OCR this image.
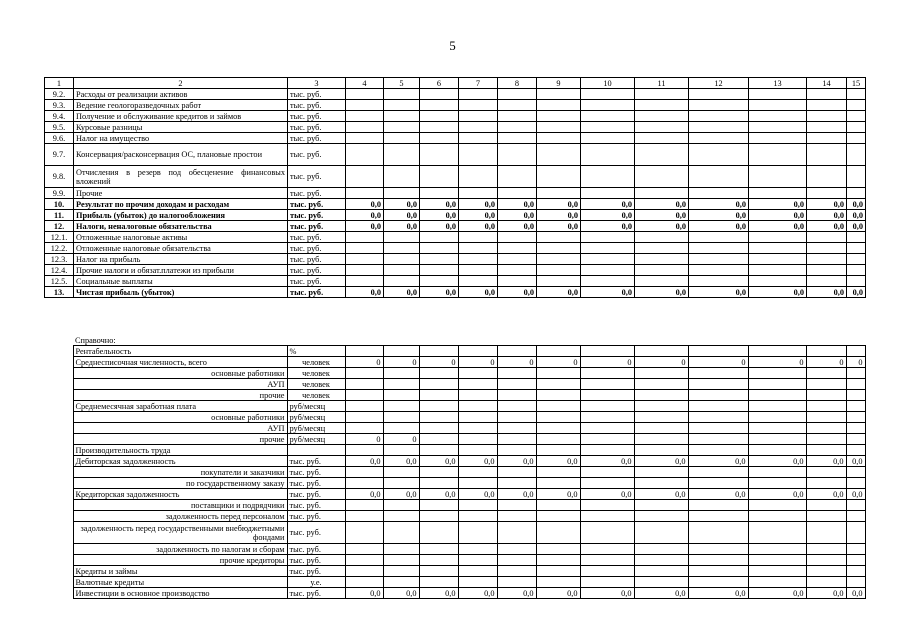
5
1	2	3	4	5	6	7	8	9	10	11	12	13	14	15
9.2.	Расходы от реализации активов	тыс. руб.												
9.3.	Ведение геологоразведочных работ	тыс. руб.												
9.4.	Получение и обслуживание кредитов и займов	тыс. руб.												
9.5.	Курсовые разницы	тыс. руб.												
9.6.	Налог на имущество	тыс. руб.												
9.7.	Консервация/расконсервация ОС, плановые простои	тыс. руб.												
9.8.	Отчисления в резерв под обесценение финансовых вложений	тыс. руб.												
9.9.	Прочие	тыс. руб.												
10.	Результат по прочим доходам и расходам	тыс. руб.	0,0	0,0	0,0	0,0	0,0	0,0	0,0	0,0	0,0	0,0	0,0	0,0
11.	Прибыль (убыток) до налогообложения	тыс. руб.	0,0	0,0	0,0	0,0	0,0	0,0	0,0	0,0	0,0	0,0	0,0	0,0
12.	Налоги, неналоговые обязательства	тыс. руб.	0,0	0,0	0,0	0,0	0,0	0,0	0,0	0,0	0,0	0,0	0,0	0,0
12.1.	Отложенные налоговые активы	тыс. руб.												
12.2.	Отложенные налоговые обязательства	тыс. руб.												
12.3.	Налог на прибыль	тыс. руб.												
12.4.	Прочие налоги и обязат.платежи из прибыли	тыс. руб.												
12.5.	Социальные выплаты	тыс. руб.												
13.	Чистая прибыль (убыток)	тыс. руб.	0,0	0,0	0,0	0,0	0,0	0,0	0,0	0,0	0,0	0,0	0,0	0,0
	Справочно:													
	Рентабельность	%												
	Среднесписочная численность, всего	человек	0	0	0	0	0	0	0	0	0	0	0	0
	основные работники	человек												
	АУП	человек												
	прочие	человек												
	Среднемесячная заработная плата	руб/месяц												
	основные работники	руб/месяц												
	АУП	руб/месяц												
	прочие	руб/месяц	0	0										
	Производительность труда													
	Дебиторская задолженность	тыс. руб.	0,0	0,0	0,0	0,0	0,0	0,0	0,0	0,0	0,0	0,0	0,0	0,0
	покупатели и заказчики	тыс. руб.												
	по государственному заказу	тыс. руб.												
	Кредиторская задолженность	тыс. руб.	0,0	0,0	0,0	0,0	0,0	0,0	0,0	0,0	0,0	0,0	0,0	0,0
	поставщики и подрядчики	тыс. руб.												
	задолженность перед персоналом	тыс. руб.												
	задолженность перед государственными внебюджетными фондами	тыс. руб.												
	задолженность по налогам и сборам	тыс. руб.												
	прочие кредиторы	тыс. руб.												
	Кредиты и займы	тыс. руб.												
	Валютные кредиты	у.е.												
	Инвестиции в основное производство	тыс. руб.	0,0	0,0	0,0	0,0	0,0	0,0	0,0	0,0	0,0	0,0	0,0	0,0
